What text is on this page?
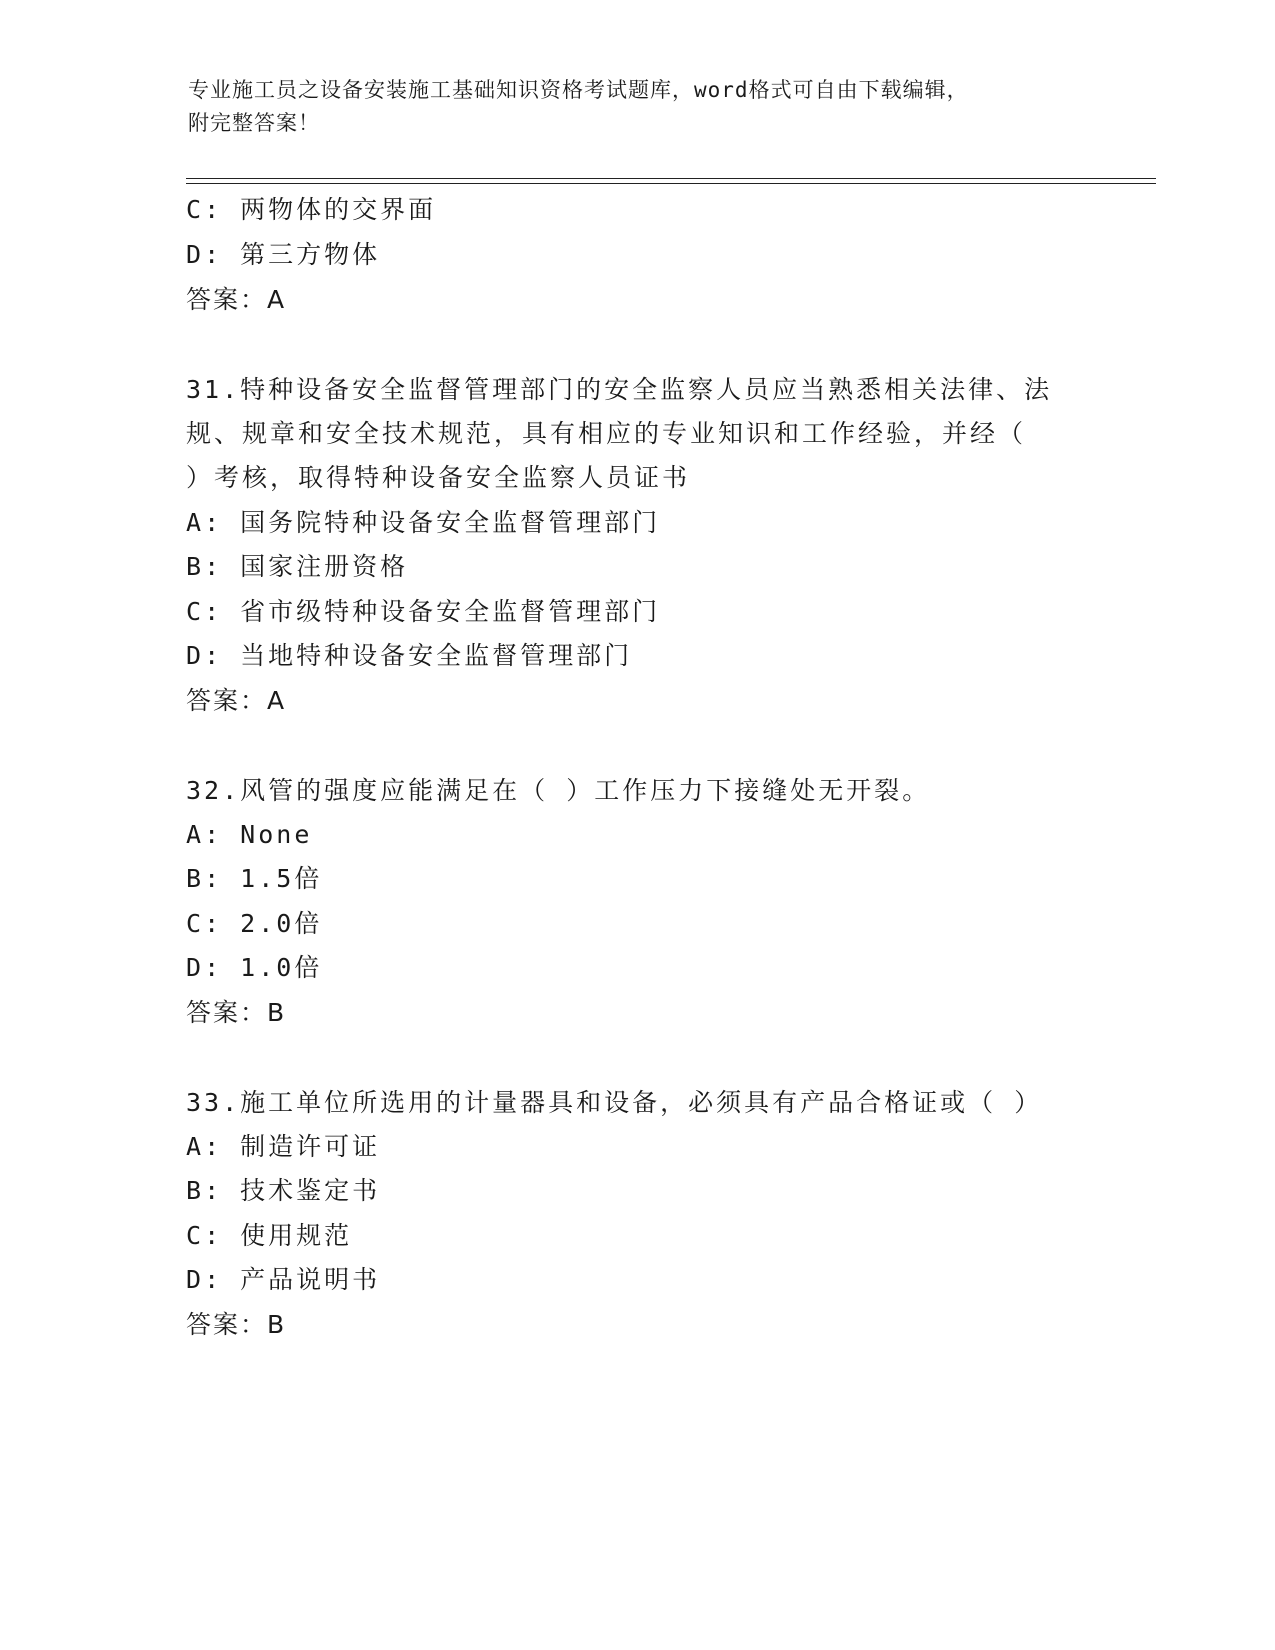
专业施工员之设备安装施工基础知识资格考试题库，word格式可自由下载编辑，
附完整答案！
C: 两物体的交界面
D: 第三方物体
答案：A
31.特种设备安全监督管理部门的安全监察人员应当熟悉相关法律、法
规、规章和安全技术规范，具有相应的专业知识和工作经验，并经（
）考核，取得特种设备安全监察人员证书
A: 国务院特种设备安全监督管理部门
B: 国家注册资格
C: 省市级特种设备安全监督管理部门
D: 当地特种设备安全监督管理部门
答案：A
32.风管的强度应能满足在（ ）工作压力下接缝处无开裂。
A: None
B: 1.5倍
C: 2.0倍
D: 1.0倍
答案：B
33.施工单位所选用的计量器具和设备，必须具有产品合格证或（ ）
A: 制造许可证
B: 技术鉴定书
C: 使用规范
D: 产品说明书
答案：B
